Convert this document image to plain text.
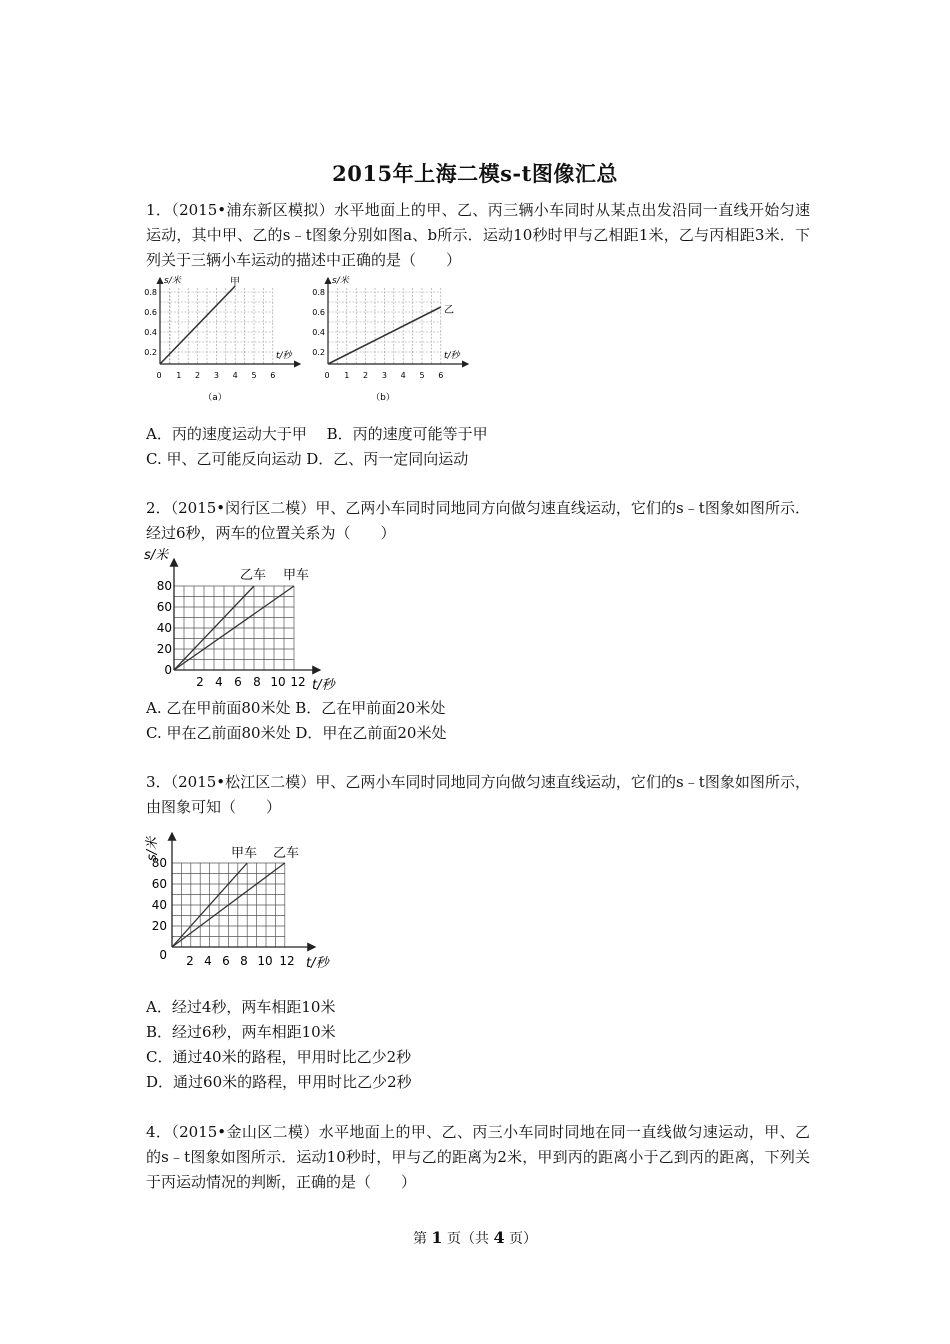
2015年上海二模s-t图像汇总
1．（2015•浦东新区模拟）水平地面上的甲、乙、丙三辆小车同时从某点出发沿同一直线开始匀速运动，其中甲、乙的s﹣t图象分别如图a、b所示．运动10秒时甲与乙相距1米，乙与丙相距3米．下列关于三辆小车运动的描述中正确的是（　　）
s/米	甲
t/秒
0.8
0.6
0.4
0.2
0 1 2 3 4 5 6
（a）
s/米
乙
t/秒
0.8
0.6
0.4
0.2
0 1 2 3 4 5 6
（b）
A．丙的速度运动大于甲　 B．丙的速度可能等于甲
C. 甲、乙可能反向运动 D．乙、丙一定同向运动
2．（2015•闵行区二模）甲、乙两小车同时同地同方向做匀速直线运动，它们的s﹣t图象如图所示．经过6秒，两车的位置关系为（　　）
s/米
乙车 甲车
t/秒
80
60
40
20
0
2 4 6 8 10 12
A. 乙在甲前面80米处 B．乙在甲前面20米处
C. 甲在乙前面80米处 D．甲在乙前面20米处
3．（2015•松江区二模）甲、乙两小车同时同地同方向做匀速直线运动，它们的s﹣t图象如图所示，由图象可知（　　）
s/米	甲车 乙车
t/秒
80
60
40
20
0 2 4 6 8 10 12
A．经过4秒，两车相距10米
B．经过6秒，两车相距10米
C．通过40米的路程，甲用时比乙少2秒
D．通过60米的路程，甲用时比乙少2秒
4．（2015•金山区二模）水平地面上的甲、乙、丙三小车同时同地在同一直线做匀速运动，甲、乙的s﹣t图象如图所示．运动10秒时，甲与乙的距离为2米，甲到丙的距离小于乙到丙的距离，下列关于丙运动情况的判断，正确的是（　　）
第 1 页（共 4 页）
